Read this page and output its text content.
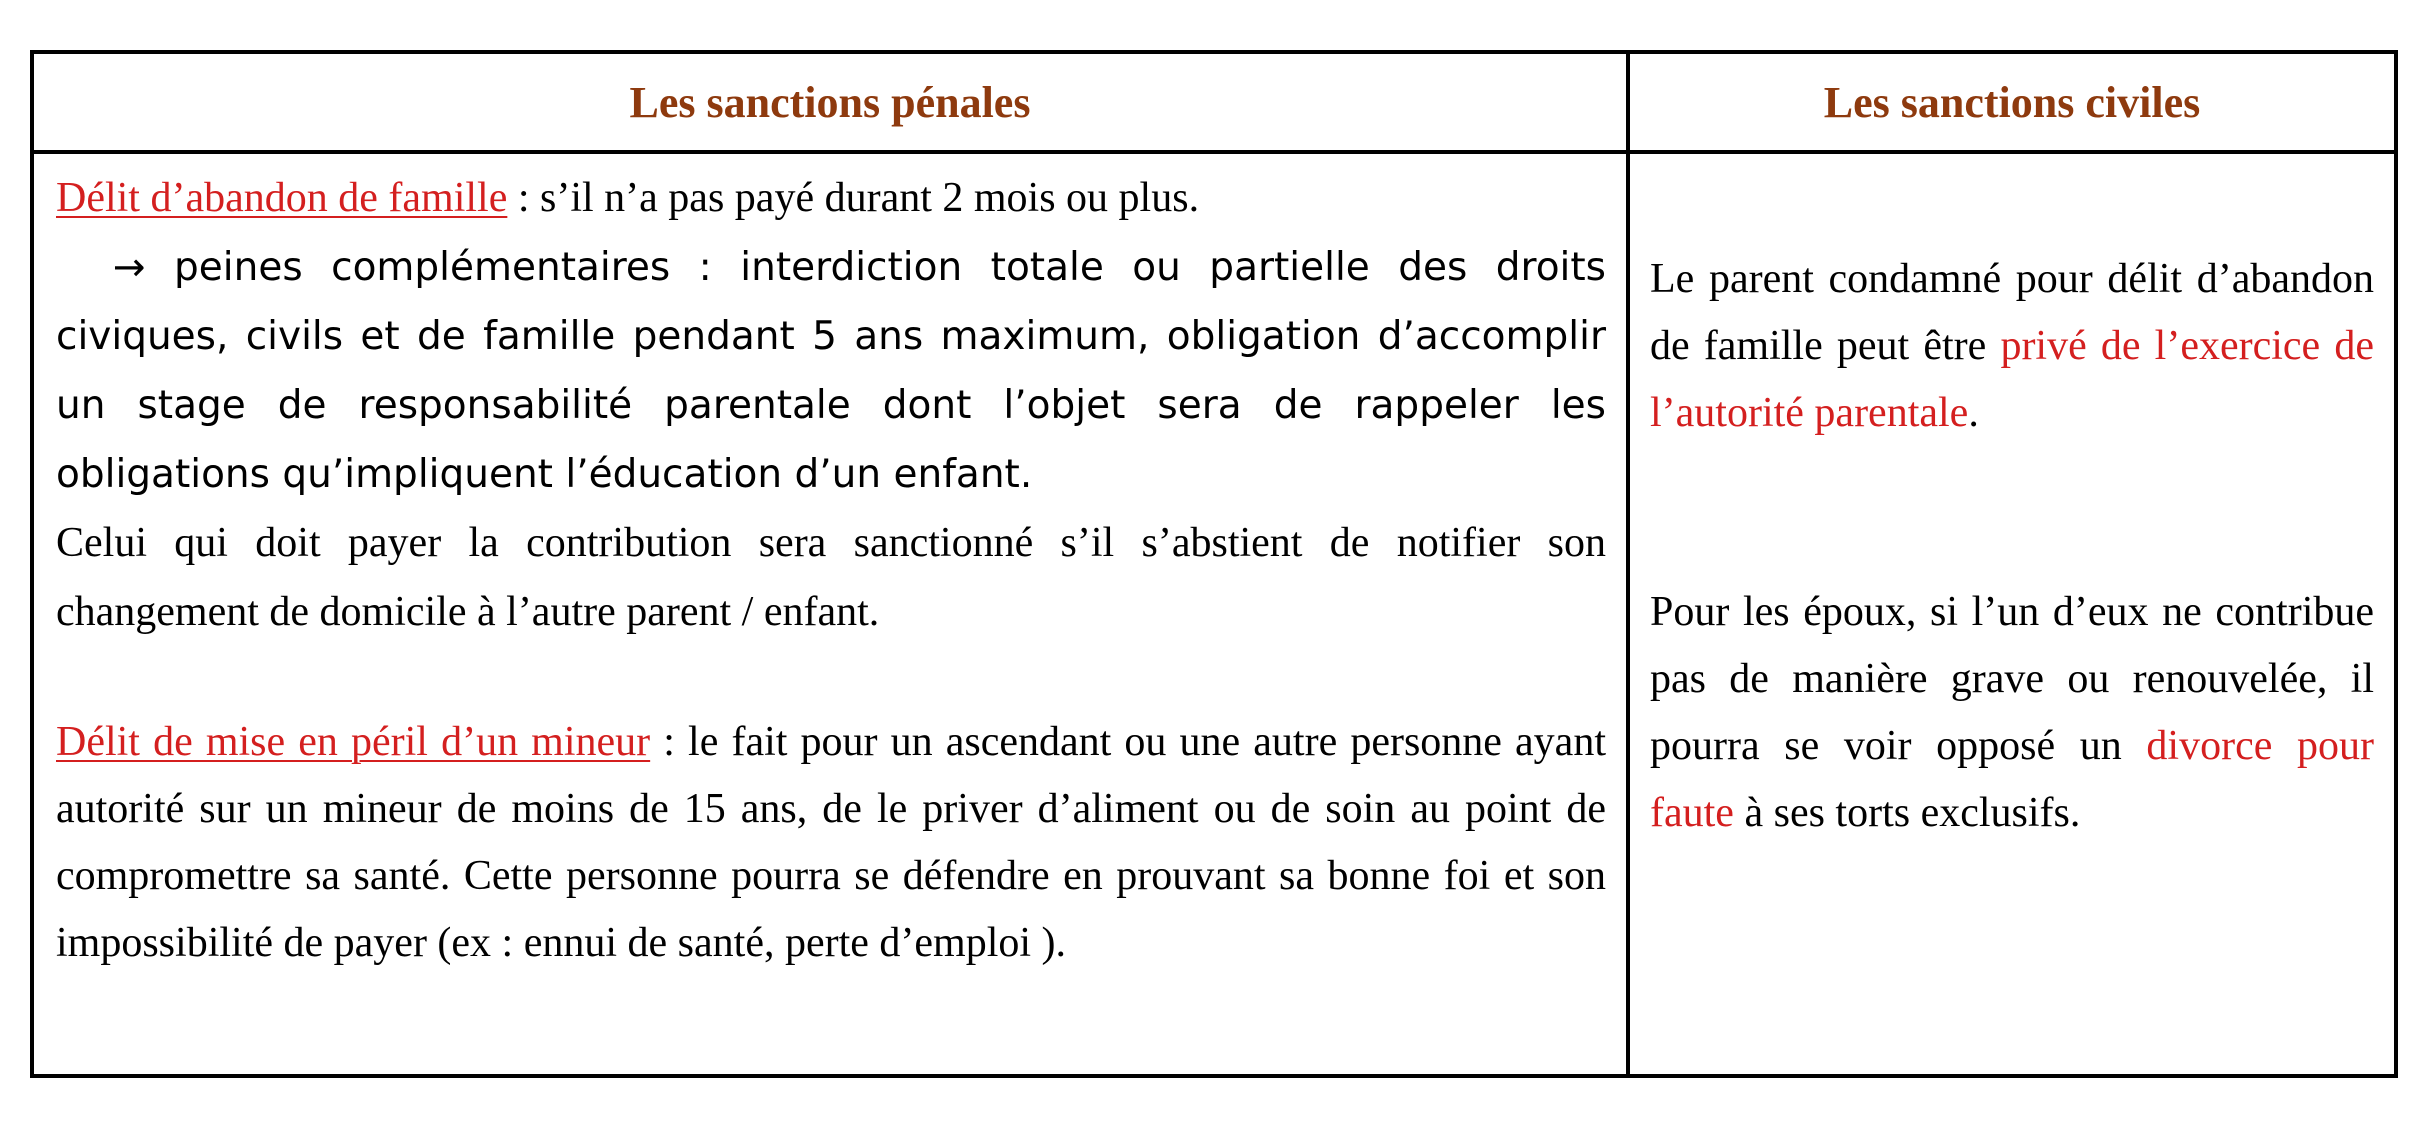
Les sanctions pénales

Délit d’abandon de famille : s’il n’a pas payé durant 2 mois ou plus.

→ peines complémentaires : interdiction totale ou partielle des droits civiques, civils et de famille pendant 5 ans maximum, obligation d’accomplir un stage de responsabilité parentale dont l’objet sera de rappeler les obligations qu’impliquent l’éducation d’un enfant.

Celui qui doit payer la contribution sera sanctionné s’il s’abstient de notifier son changement de domicile à l’autre parent / enfant.

Délit de mise en péril d’un mineur : le fait pour un ascendant ou une autre personne ayant autorité sur un mineur de moins de 15 ans, de le priver d’aliment ou de soin au point de compromettre sa santé. Cette personne pourra se défendre en prouvant sa bonne foi et son impossibilité de payer (ex : ennui de santé, perte d’emploi ).

Les sanctions civiles

Le parent condamné pour délit d’abandon de famille peut être privé de l’exercice de l’autorité parentale.

Pour les époux, si l’un d’eux ne contribue pas de manière grave ou renouvelée, il pourra se voir opposé un divorce pour faute à ses torts exclusifs.
